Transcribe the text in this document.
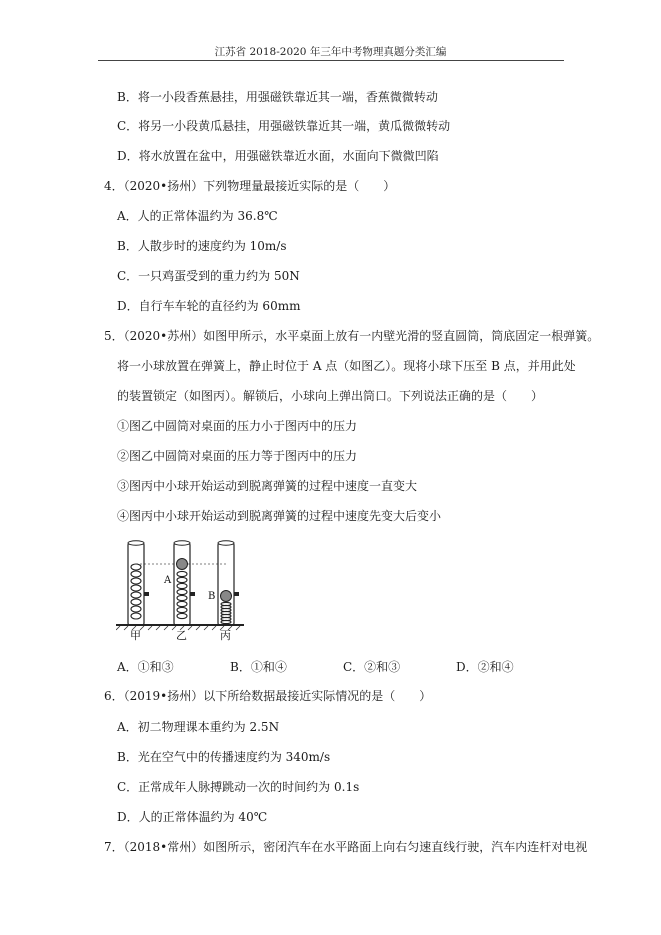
江苏省 2018-2020 年三年中考物理真题分类汇编
B．将一小段香蕉悬挂，用强磁铁靠近其一端，香蕉微微转动
C．将另一小段黄瓜悬挂，用强磁铁靠近其一端，黄瓜微微转动
D．将水放置在盆中，用强磁铁靠近水面，水面向下微微凹陷
4．（2020•扬州）下列物理量最接近实际的是（　　）
A．人的正常体温约为 36.8℃
B．人散步时的速度约为 10m/s
C．一只鸡蛋受到的重力约为 50N
D．自行车车轮的直径约为 60mm
5．（2020•苏州）如图甲所示，水平桌面上放有一内壁光滑的竖直圆筒，筒底固定一根弹簧。
将一小球放置在弹簧上，静止时位于 A 点（如图乙）。现将小球下压至 B 点，并用此处
的装置锁定（如图丙）。解锁后，小球向上弹出筒口。下列说法正确的是（　　）
①图乙中圆筒对桌面的压力小于图丙中的压力
②图乙中圆筒对桌面的压力等于图丙中的压力
③图丙中小球开始运动到脱离弹簧的过程中速度一直变大
④图丙中小球开始运动到脱离弹簧的过程中速度先变大后变小
A
B
甲	乙	丙
A．①和③	B．①和④	C．②和③	D．②和④
6．（2019•扬州）以下所给数据最接近实际情况的是（　　）
A．初二物理课本重约为 2.5N
B．光在空气中的传播速度约为 340m/s
C．正常成年人脉搏跳动一次的时间约为 0.1s
D．人的正常体温约为 40℃
7．（2018•常州）如图所示，密闭汽车在水平路面上向右匀速直线行驶，汽车内连杆对电视
